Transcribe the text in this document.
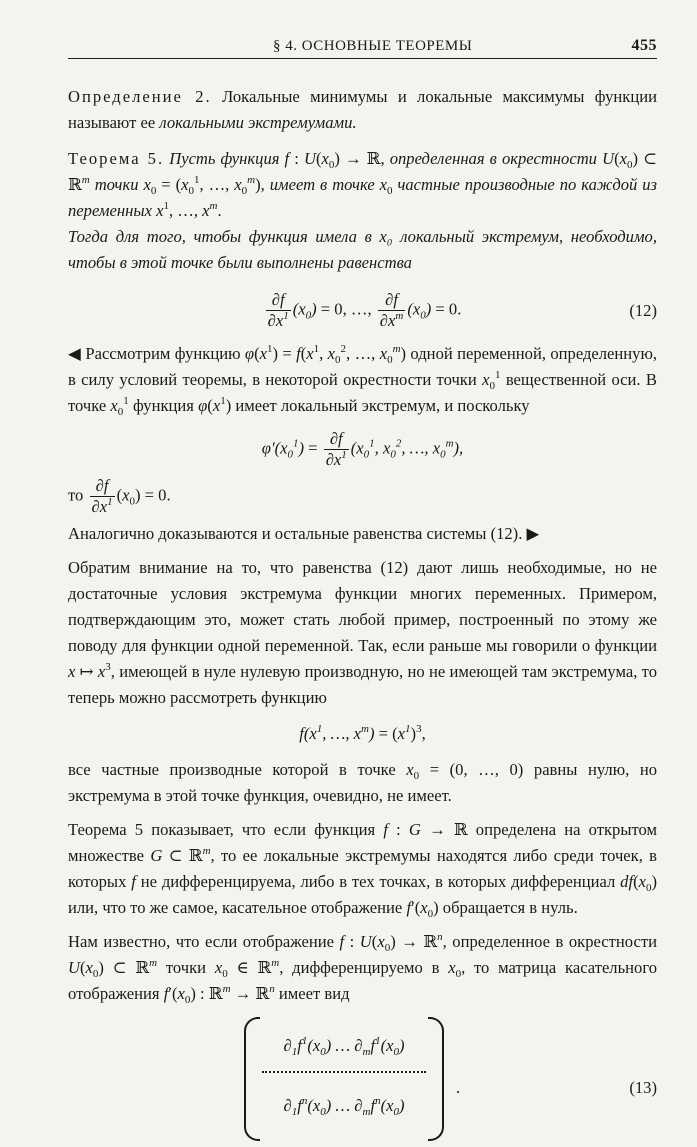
§ 4. ОСНОВНЫЕ ТЕОРЕМЫ	455

Определение 2. Локальные минимумы и локальные максимумы функции называют ее локальными экстремумами.

Теорема 5. Пусть функция f : $U(x_0)$ → ℝ, определенная в окрестности $U(x_0)$ ⊂ ℝ$^m$ точки $x_0 = (x_0^1$, …, $x_0^m$), имеет в точке $x_0$ частные производные по каждой из переменных $x^1$, …, $x^m$.

Тогда для того, чтобы функция имела в x₀ локальный экстремум, необходимо, чтобы в этой точке были выполнены равенства

$\frac{\partial f}{\partial x^1} (x_0) = 0$, …, $\frac{\partial f}{\partial x^m} (x_0) = 0$.	(12)

◀ Рассмотрим функцию $\varphi(x^1) = f(x^1$, $x_0^2$, …, $x_0^m$) одной переменной, определенную, в силу условий теоремы, в некоторой окрестности точки $x_0^1$ вещественной оси. В точке $x_0^1$ функция $\varphi(x^1)$ имеет локальный экстремум, и поскольку

$\varphi'(x_0^1) = \frac{\partial f}{\partial x^1} (x_0^1$, $x_0^2$, …, $x_0^m$),

то $\frac{\partial f}{\partial x^1} (x_0) = 0$.

Аналогично доказываются и остальные равенства системы (12). ▶

Обратим внимание на то, что равенства (12) дают лишь необходимые, но не достаточные условия экстремума функции многих переменных. Примером, подтверждающим это, может стать любой пример, построенный по этому же поводу для функции одной переменной. Так, если раньше мы говорили о функции x ↦ $x^3$, имеющей в нуле нулевую производную, но не имеющей там экстремума, то теперь можно рассмотреть функцию

$f(x^1$, …, $x^m) = (x^1)^3$,

все частные производные которой в точке $x_0 = (0$, …, 0) равны нулю, но экстремума в этой точке функция, очевидно, не имеет.

Теорема 5 показывает, что если функция f : G → ℝ определена на открытом множестве G ⊂ ℝ$^m$, то ее локальные экстремумы находятся либо среди точек, в которых f не дифференцируема, либо в тех точках, в которых дифференциал $df(x_0)$ или, что то же самое, касательное отображение $f'(x_0)$ обращается в нуль.

Нам известно, что если отображение f : $U(x_0)$ → ℝ$^n$, определенное в окрестности $U(x_0)$ ⊂ ℝ$^m$ точки $x_0$ ∈ ℝ$^m$, дифференцируемо в $x_0$, то матрица касательного отображения $f'(x_0)$ : ℝ$^m$ → ℝ$^n$ имеет вид

$\partial_1f^1(x_0)$ … $\partial_mf^1(x_0)$
$\partial_1f^n(x_0)$ … $\partial_mf^n(x_0)$
.	(13)
